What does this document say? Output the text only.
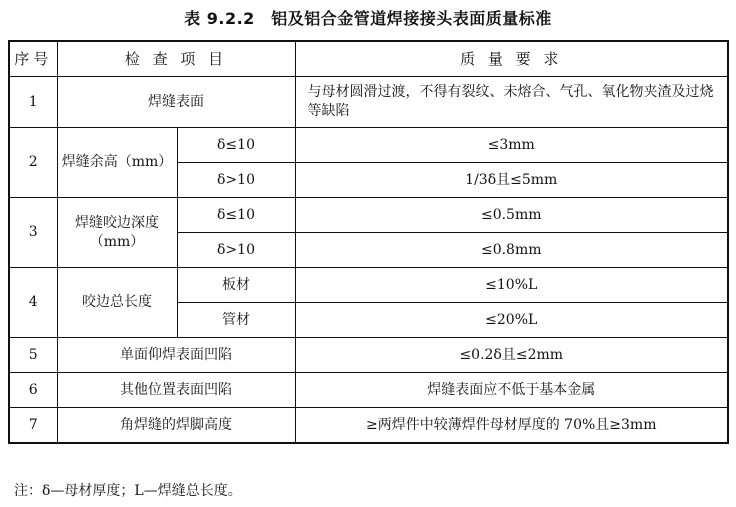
表 9.2.2　铝及铝合金管道焊接接头表面质量标准
序号	检 查 项 目		质 量 要 求
1	焊缝表面		与母材圆滑过渡，不得有裂纹、未熔合、气孔、氧化物夹渣及过烧等缺陷
2	焊缝余高（mm）	δ≤10	≤3mm
		δ>10	1/3δ且≤5mm
3	焊缝咬边深度（mm）	δ≤10	≤0.5mm
		δ>10	≤0.8mm
4	咬边总长度	板材	≤10%L
		管材	≤20%L
5	单面仰焊表面凹陷		≤0.2δ且≤2mm
6	其他位置表面凹陷		焊缝表面应不低于基本金属
7	角焊缝的焊脚高度		≥两焊件中较薄焊件母材厚度的 70%且≥3mm
注：δ—母材厚度；L—焊缝总长度。
